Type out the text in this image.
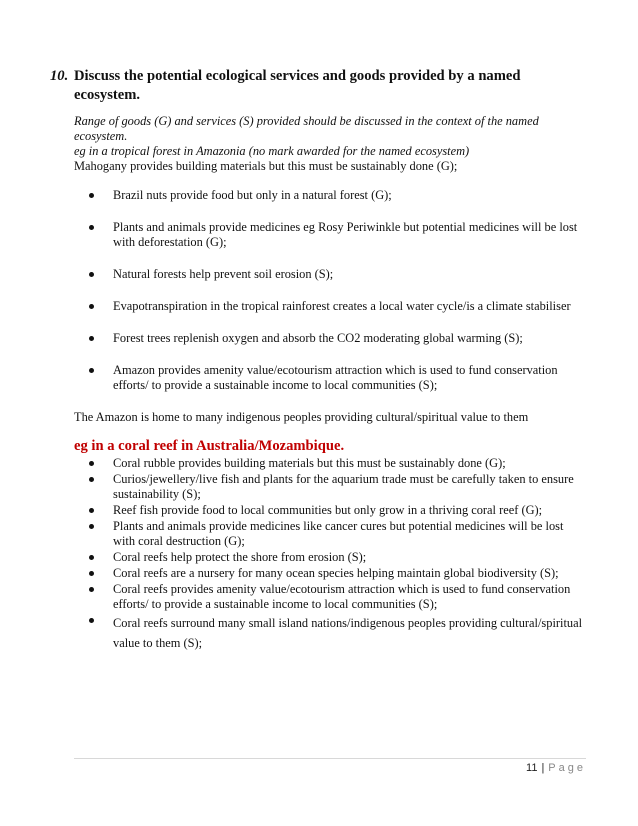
10. Discuss the potential ecological services and goods provided by a named
ecosystem.
Range of goods (G) and services (S) provided should be discussed in the context of the named ecosystem.
eg in a tropical forest in Amazonia (no mark awarded for the named ecosystem)
Mahogany provides building materials but this must be sustainably done (G);
Brazil nuts provide food but only in a natural forest (G);
Plants and animals provide medicines eg Rosy Periwinkle but potential medicines will be lost with deforestation (G);
Natural forests help prevent soil erosion (S);
Evapotranspiration in the tropical rainforest creates a local water cycle/is a climate stabiliser
Forest trees replenish oxygen and absorb the CO2 moderating global warming (S);
Amazon provides amenity value/ecotourism attraction which is used to fund conservation efforts/ to provide a sustainable income to local communities (S);
The Amazon is home to many indigenous peoples providing cultural/spiritual value to them
eg in a coral reef in Australia/Mozambique.
Coral rubble provides building materials but this must be sustainably done (G);
Curios/jewellery/live fish and plants for the aquarium trade must be carefully taken to ensure sustainability (S);
Reef fish provide food to local communities but only grow in a thriving coral reef (G);
Plants and animals provide medicines like cancer cures but potential medicines will be lost with coral destruction (G);
Coral reefs help protect the shore from erosion (S);
Coral reefs are a nursery for many ocean species helping maintain global biodiversity (S);
Coral reefs provides amenity value/ecotourism attraction which is used to fund conservation efforts/ to provide a sustainable income to local communities (S);
Coral reefs surround many small island nations/indigenous peoples providing cultural/spiritual value to them (S);
11 | Page
